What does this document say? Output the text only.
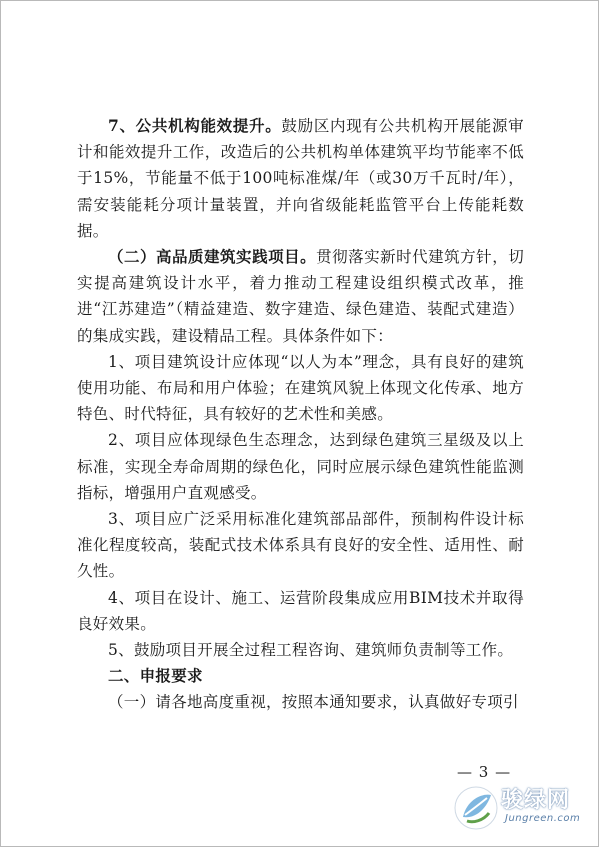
7、公共机构能效提升。鼓励区内现有公共机构开展能源审计和能效提升工作，改造后的公共机构单体建筑平均节能率不低于15%，节能量不低于100吨标准煤/年（或30万千瓦时/年），需安装能耗分项计量装置，并向省级能耗监管平台上传能耗数据。

（二）高品质建筑实践项目。贯彻落实新时代建筑方针，切实提高建筑设计水平，着力推动工程建设组织模式改革，推进“江苏建造”（精益建造、数字建造、绿色建造、装配式建造）的集成实践，建设精品工程。具体条件如下：

1、项目建筑设计应体现“以人为本”理念，具有良好的建筑使用功能、布局和用户体验；在建筑风貌上体现文化传承、地方特色、时代特征，具有较好的艺术性和美感。

2、项目应体现绿色生态理念，达到绿色建筑三星级及以上标准，实现全寿命周期的绿色化，同时应展示绿色建筑性能监测指标，增强用户直观感受。

3、项目应广泛采用标准化建筑部品部件，预制构件设计标准化程度较高，装配式技术体系具有良好的安全性、适用性、耐久性。

4、项目在设计、施工、运营阶段集成应用BIM技术并取得良好效果。

5、鼓励项目开展全过程工程咨询、建筑师负责制等工作。

二、申报要求

（一）请各地高度重视，按照本通知要求，认真做好专项引

— 3 —
骏绿网
Jungreen.com
